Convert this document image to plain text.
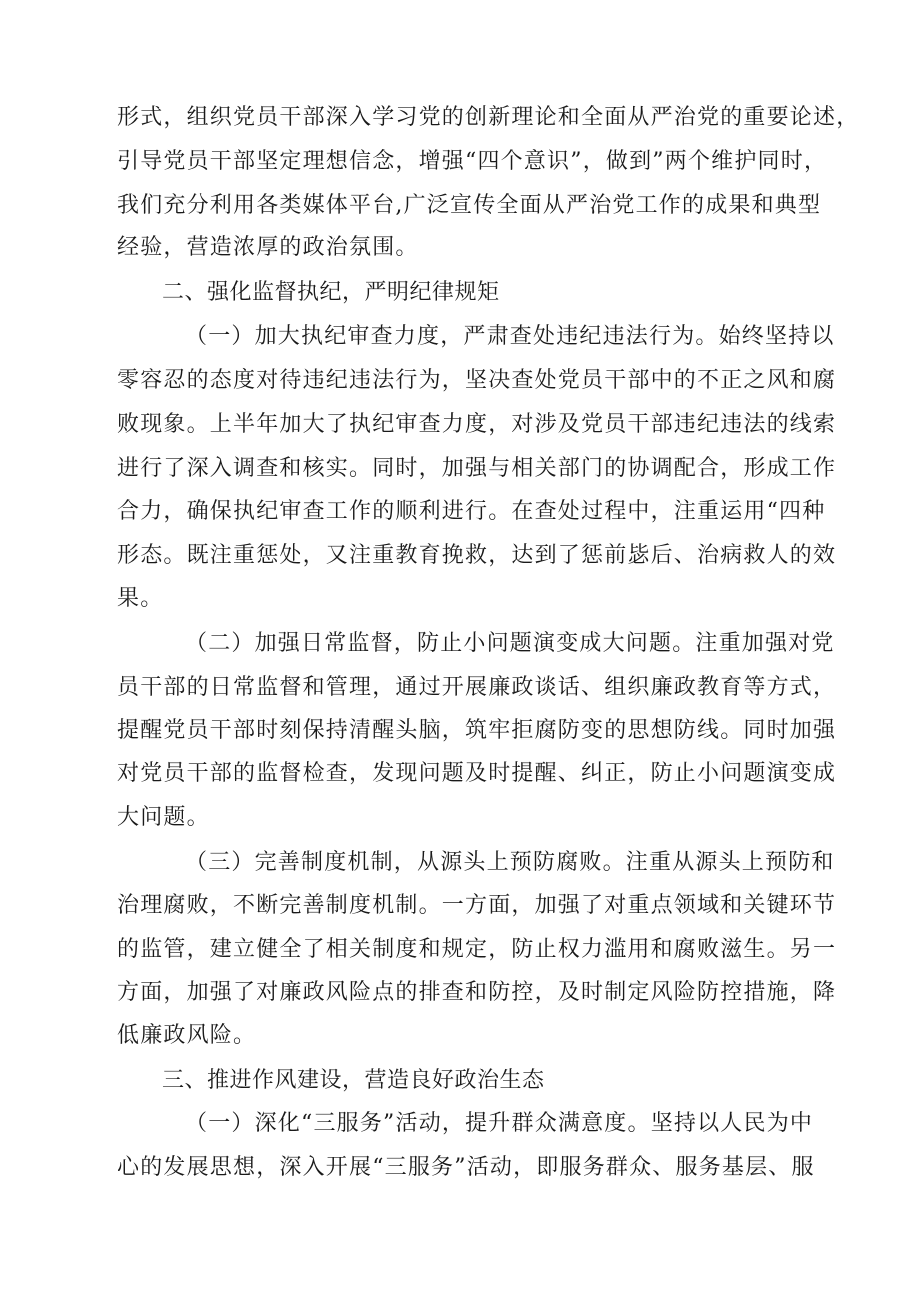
形式，组织党员干部深入学习党的创新理论和全面从严治党的重要论述，
引导党员干部坚定理想信念，增强“四个意识”，做到”两个维护同时，
我们充分利用各类媒体平台,广泛宣传全面从严治党工作的成果和典型
经验，营造浓厚的政治氛围。
二、强化监督执纪，严明纪律规矩
（一）加大执纪审查力度，严肃查处违纪违法行为。始终坚持以
零容忍的态度对待违纪违法行为，坚决查处党员干部中的不正之风和腐
败现象。上半年加大了执纪审查力度，对涉及党员干部违纪违法的线索
进行了深入调查和核实。同时，加强与相关部门的协调配合，形成工作
合力，确保执纪审查工作的顺利进行。在查处过程中，注重运用“四种
形态。既注重惩处，又注重教育挽救，达到了惩前毖后、治病救人的效
果。
（二）加强日常监督，防止小问题演变成大问题。注重加强对党
员干部的日常监督和管理，通过开展廉政谈话、组织廉政教育等方式，
提醒党员干部时刻保持清醒头脑，筑牢拒腐防变的思想防线。同时加强
对党员干部的监督检查，发现问题及时提醒、纠正，防止小问题演变成
大问题。
（三）完善制度机制，从源头上预防腐败。注重从源头上预防和
治理腐败，不断完善制度机制。一方面，加强了对重点领域和关键环节
的监管，建立健全了相关制度和规定，防止权力滥用和腐败滋生。另一
方面，加强了对廉政风险点的排查和防控，及时制定风险防控措施，降
低廉政风险。
三、推进作风建设，营造良好政治生态
（一）深化“三服务”活动，提升群众满意度。坚持以人民为中
心的发展思想，深入开展“三服务”活动，即服务群众、服务基层、服
